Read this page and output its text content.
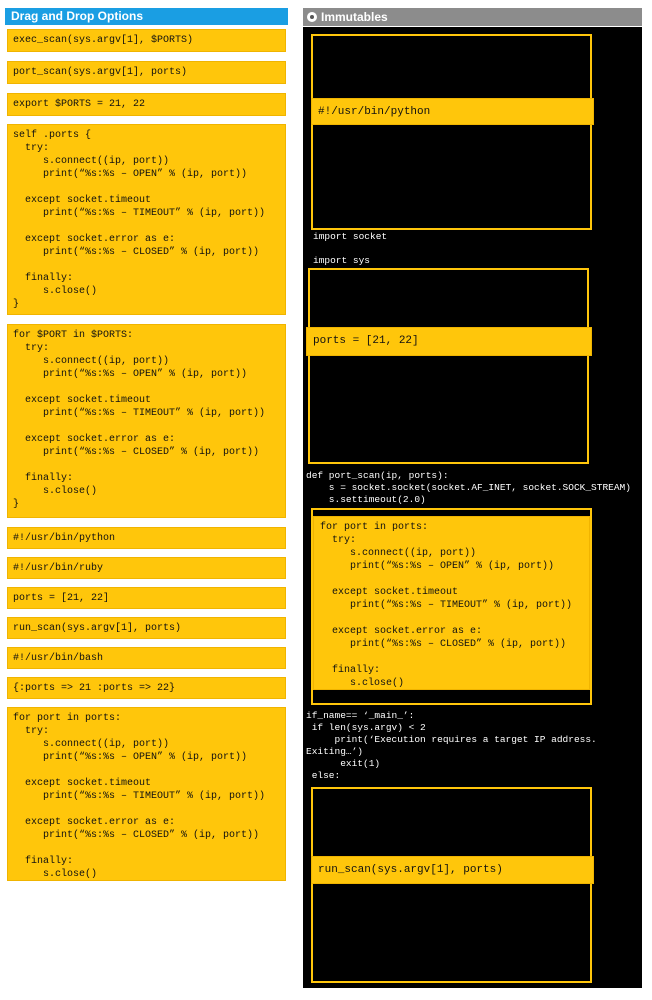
Drag and Drop Options
exec_scan(sys.argv[1], $PORTS)
port_scan(sys.argv[1], ports)
export $PORTS = 21, 22
self .ports {
try:
s.connect((ip, port))
print(“%s:%s – OPEN” % (ip, port))

except socket.timeout
print(“%s:%s – TIMEOUT” % (ip, port))

except socket.error as e:
print(“%s:%s – CLOSED” % (ip, port))

finally:
s.close()
}
for $PORT in $PORTS:
try:
s.connect((ip, port))
print(“%s:%s – OPEN” % (ip, port))

except socket.timeout
print(“%s:%s – TIMEOUT” % (ip, port))

except socket.error as e:
print(“%s:%s – CLOSED” % (ip, port))

finally:
s.close()
}
#!/usr/bin/python
#!/usr/bin/ruby
ports = [21, 22]
run_scan(sys.argv[1], ports)
#!/usr/bin/bash
{:ports => 21 :ports => 22}
for port in ports:
try:
s.connect((ip, port))
print(“%s:%s – OPEN” % (ip, port))

except socket.timeout
print(“%s:%s – TIMEOUT” % (ip, port))

except socket.error as e:
print(“%s:%s – CLOSED” % (ip, port))

finally:
s.close()
Immutables
#!/usr/bin/python
import socket
import sys
ports = [21, 22]
def port_scan(ip, ports):
s = socket.socket(socket.AF_INET, socket.SOCK_STREAM)
s.settimeout(2.0)
for port in ports:
try:
s.connect((ip, port))
print(“%s:%s – OPEN” % (ip, port))

except socket.timeout
print(“%s:%s – TIMEOUT” % (ip, port))

except socket.error as e:
print(“%s:%s – CLOSED” % (ip, port))

finally:
s.close()
if_name== ‘_main_’:
if len(sys.argv) < 2
print(‘Execution requires a target IP address.
Exiting…’)
exit(1)
else:
run_scan(sys.argv[1], ports)
